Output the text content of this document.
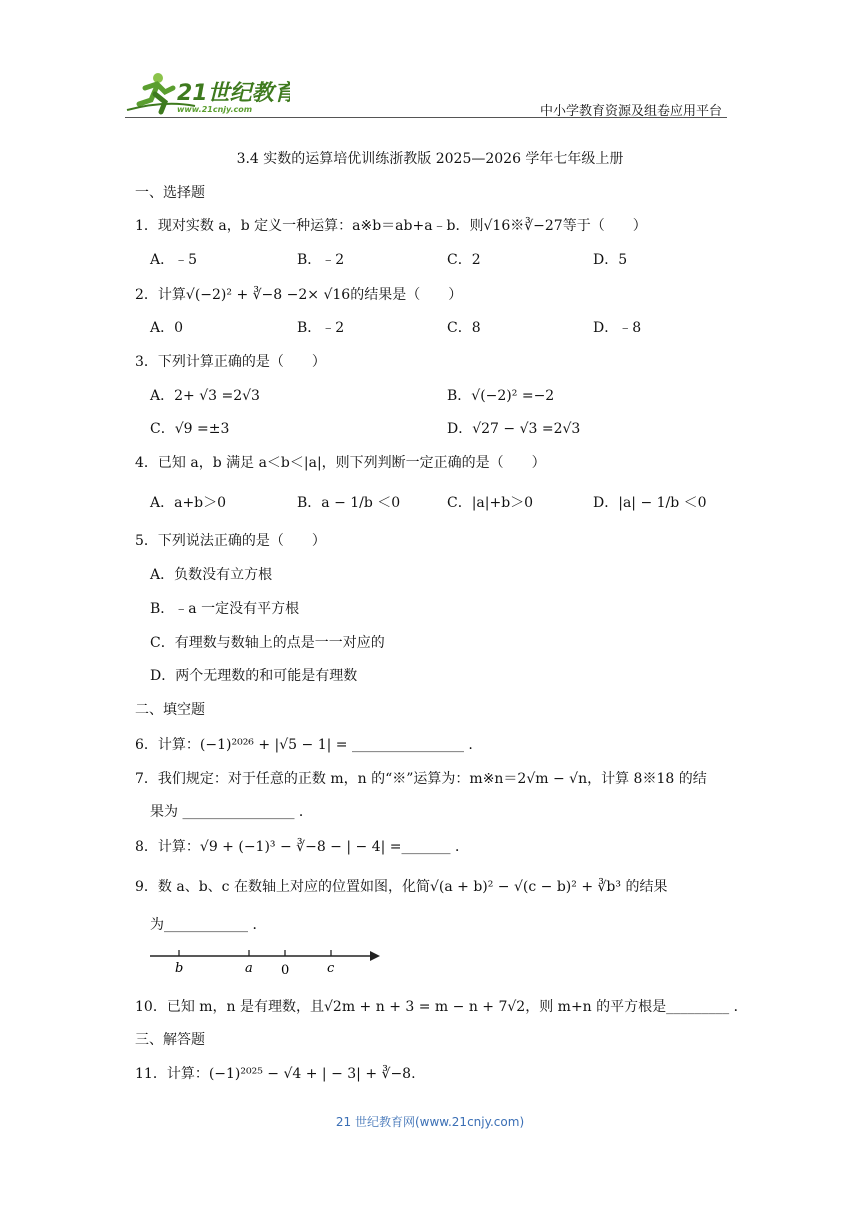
21世纪教育
www.21cnjy.com	中小学教育资源及组卷应用平台
3.4 实数的运算培优训练浙教版 2025—2026 学年七年级上册
一、选择题
1．现对实数 a，b 定义一种运算：a※b＝ab+a﹣b．则√16※∛−27等于（　　）
A．﹣5	B．﹣2	C．2	D．5
2．计算√(−2)² + ∛−8 −2× √16的结果是（　　）
A．0	B．﹣2	C．8	D．﹣8
3．下列计算正确的是（　　）
A．2+ √3 =2√3	B．√(−2)² =−2
C．√9 =±3	D．√27 − √3 =2√3
4．已知 a，b 满足 a＜b＜|a|，则下列判断一定正确的是（　　）
A．a+b＞0	B．a − 1/b ＜0	C．|a|+b＞0	D．|a| − 1/b ＜0
5．下列说法正确的是（　　）
A．负数没有立方根
B．﹣a 一定没有平方根
C．有理数与数轴上的点是一一对应的
D．两个无理数的和可能是有理数
二、填空题
6．计算：(−1)²⁰²⁶ + |√5 − 1| = ________________ .
7．我们规定：对于任意的正数 m，n 的“※”运算为：m※n＝2√m − √n，计算 8※18 的结
果为 ________________ ．
8．计算：√9 + (−1)³ − ∛−8 − | − 4| =_______ ．
9．数 a、b、c 在数轴上对应的位置如图，化简√(a + b)² − √(c − b)² + ∛b³ 的结果
为____________ ．
b	a 0	c
10．已知 m，n 是有理数，且√2m + n + 3 = m − n + 7√2，则 m+n 的平方根是_________ ．
三、解答题
11．计算：(−1)²⁰²⁵ − √4 + | − 3| + ∛−8.
21 世纪教育网(www.21cnjy.com)
